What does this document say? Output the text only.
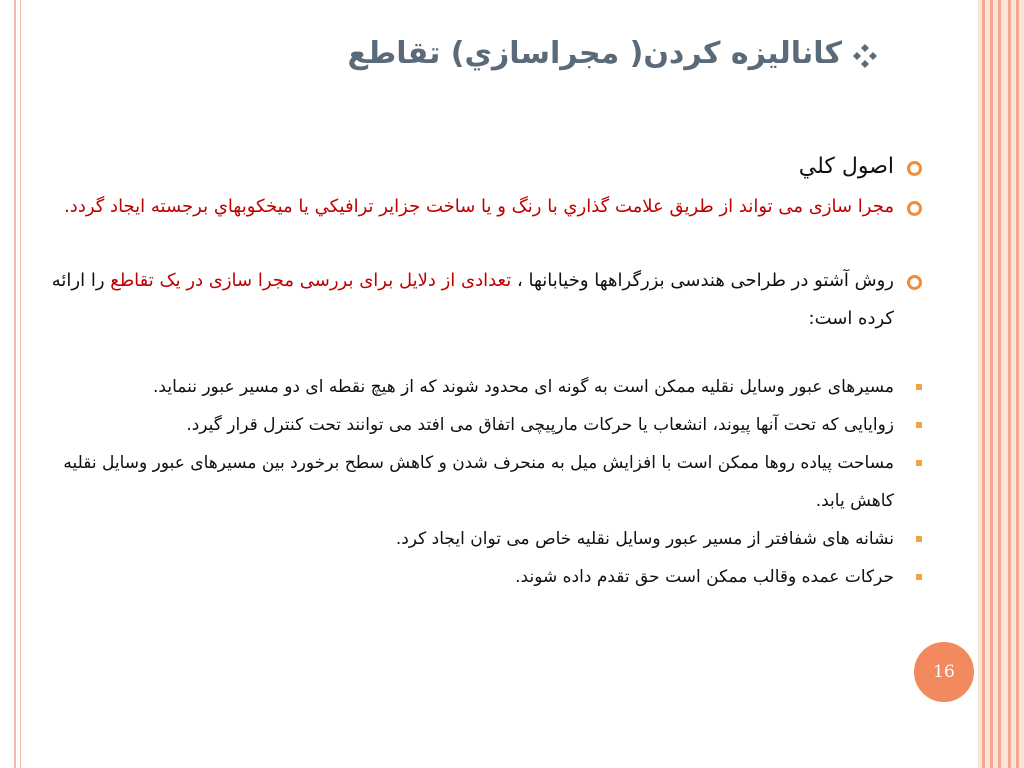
كاناليزه كردن( مجراسازي) تقاطع
اصول كلي
مجرا سازی می تواند از طريق علامت گذاري با رنگ و يا ساخت جزاير ترافيكي يا ميخكوبهاي برجسته ايجاد گردد.
روش آشتو در طراحی هندسی بزرگراهها وخیابانها ، تعدادی از دلایل برای بررسی مجرا سازی در یک تقاطع را ارائه کرده است:
مسیرهای عبور وسایل نقلیه ممکن است به گونه ای محدود شوند که از هیچ نقطه ای دو مسیر عبور ننماید.
زوایایی که تحت آنها پیوند، انشعاب یا حرکات مارپیچی اتفاق می افتد می توانند تحت کنترل قرار گیرد.
مساحت پیاده روها ممکن است با افزایش میل به منحرف شدن و کاهش سطح برخورد بین مسیرهای عبور وسایل نقلیه کاهش یابد.
نشانه های شفافتر از مسیر عبور وسایل نقلیه خاص می توان ایجاد کرد.
حرکات عمده وقالب ممکن است حق تقدم داده شوند.
16
